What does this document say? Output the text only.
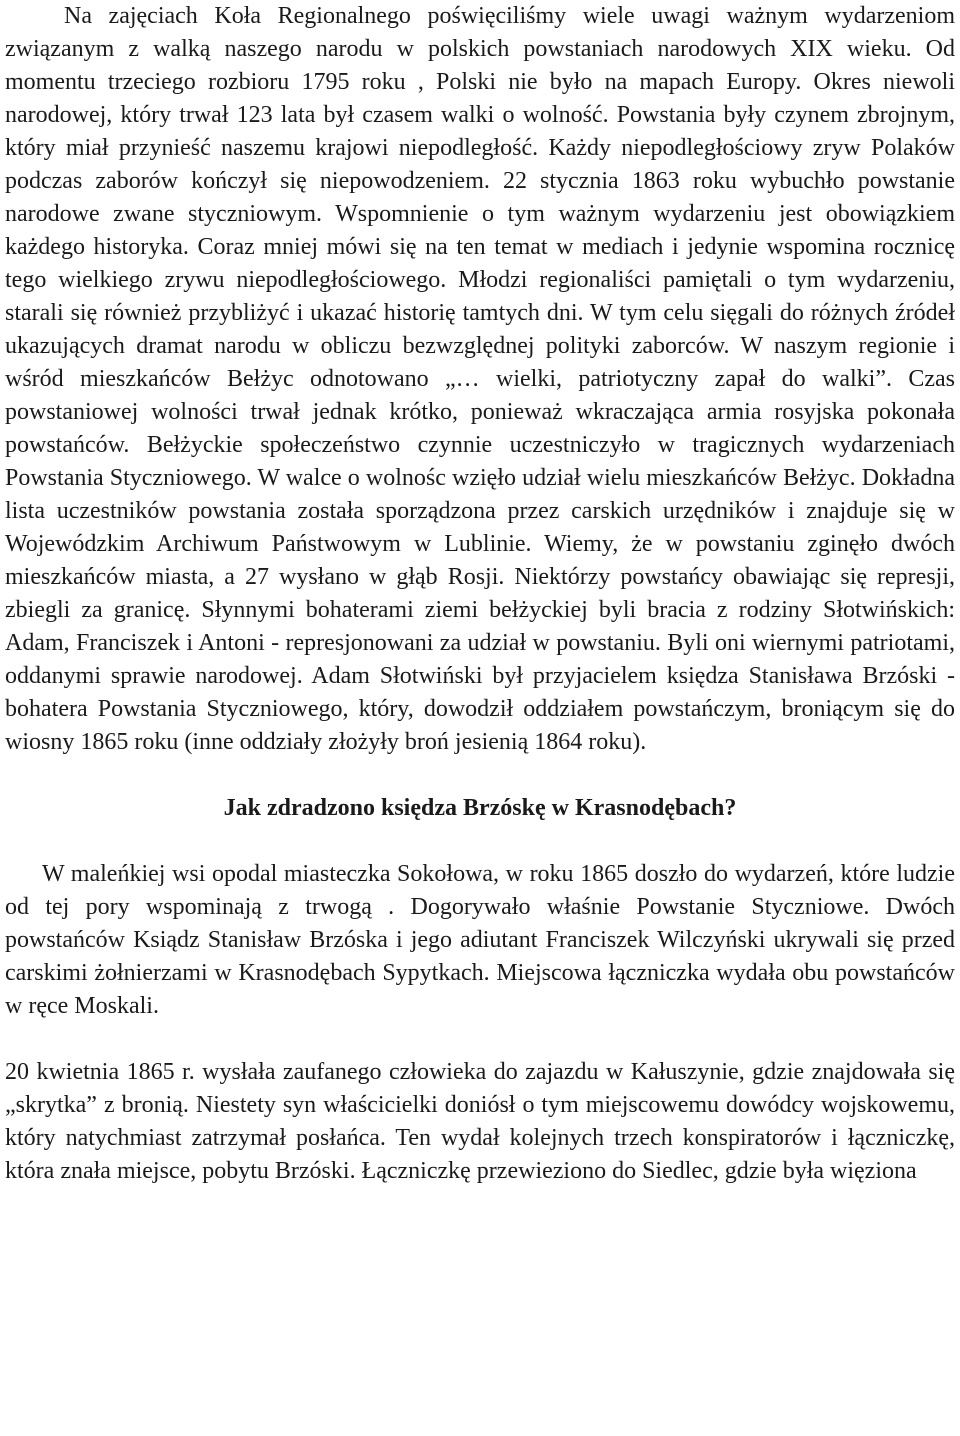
Na zajęciach Koła Regionalnego poświęciliśmy wiele uwagi ważnym wydarzeniom związanym z walką naszego narodu w polskich powstaniach narodowych XIX wieku. Od momentu trzeciego rozbioru 1795 roku , Polski nie było na mapach Europy. Okres niewoli narodowej, który trwał 123 lata był czasem walki o wolność. Powstania były czynem zbrojnym, który miał przynieść naszemu krajowi niepodległość. Każdy niepodległościowy zryw Polaków podczas zaborów kończył się niepowodzeniem. 22 stycznia 1863 roku wybuchło powstanie narodowe zwane styczniowym. Wspomnienie o tym ważnym wydarzeniu jest obowiązkiem każdego historyka. Coraz mniej mówi się na ten temat w mediach i jedynie wspomina rocznicę tego wielkiego zrywu niepodległościowego. Młodzi regionaliści pamiętali o tym wydarzeniu, starali się również przybliżyć i ukazać historię tamtych dni. W tym celu sięgali do różnych źródeł ukazujących dramat narodu w obliczu bezwzględnej polityki zaborców. W naszym regionie i wśród mieszkańców Bełżyc odnotowano „… wielki, patriotyczny zapał do walki”. Czas powstaniowej wolności trwał jednak krótko, ponieważ wkraczająca armia rosyjska pokonała powstańców. Bełżyckie społeczeństwo czynnie uczestniczyło w tragicznych wydarzeniach Powstania Styczniowego. W walce o wolnośc wzięło udział wielu mieszkańców Bełżyc. Dokładna lista uczestników powstania została sporządzona przez carskich urzędników i znajduje się w Wojewódzkim Archiwum Państwowym w Lublinie. Wiemy, że w powstaniu zginęło dwóch mieszkańców miasta, a 27 wysłano w głąb Rosji. Niektórzy powstańcy obawiając się represji, zbiegli za granicę. Słynnymi bohaterami ziemi bełżyckiej byli bracia z rodziny Słotwińskich: Adam, Franciszek i Antoni - represjonowani za udział w powstaniu. Byli oni wiernymi patriotami, oddanymi sprawie narodowej. Adam Słotwiński był przyjacielem księdza Stanisława Brzóski - bohatera Powstania Styczniowego, który, dowodził oddziałem powstańczym, broniącym się do wiosny 1865 roku (inne oddziały złożyły broń jesienią 1864 roku).

Jak zdradzono księdza Brzóskę w Krasnodębach?

W maleńkiej wsi opodal miasteczka Sokołowa, w roku 1865 doszło do wydarzeń, które ludzie od tej pory wspominają z trwogą . Dogorywało właśnie Powstanie Styczniowe. Dwóch powstańców Ksiądz Stanisław Brzóska i jego adiutant Franciszek Wilczyński ukrywali się przed carskimi żołnierzami w Krasnodębach Sypytkach. Miejscowa łączniczka wydała obu powstańców w ręce Moskali.

20 kwietnia 1865 r. wysłała zaufanego człowieka do zajazdu w Kałuszynie, gdzie znajdowała się „skrytka” z bronią. Niestety syn właścicielki doniósł o tym miejscowemu dowódcy wojskowemu, który natychmiast zatrzymał posłańca. Ten wydał kolejnych trzech konspiratorów i łączniczkę, która znała miejsce, pobytu Brzóski. Łączniczkę przewieziono do Siedlec, gdzie była więziona
